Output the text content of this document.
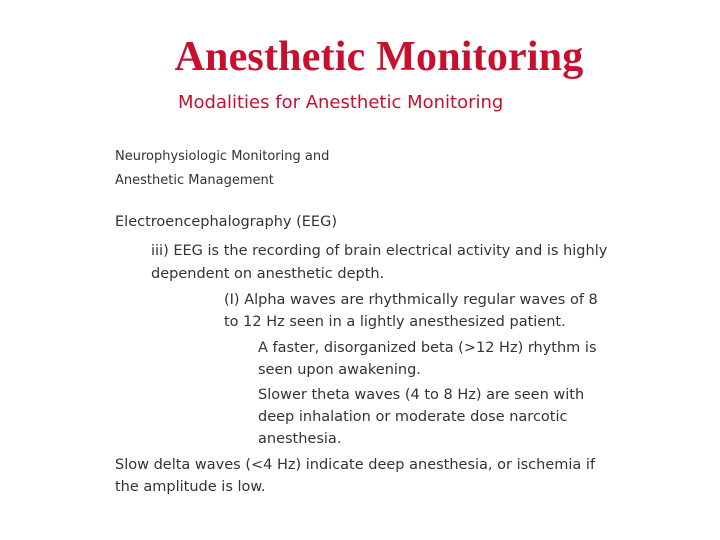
Anesthetic Monitoring
Modalities for Anesthetic Monitoring
Neurophysiologic Monitoring and
Anesthetic Management
Electroencephalography (EEG)
iii) EEG is the recording of brain electrical activity and is highly
dependent on anesthetic depth.
(I) Alpha waves are rhythmically regular waves of 8
to 12 Hz seen in a lightly anesthesized patient.
A faster, disorganized beta (>12 Hz) rhythm is
seen upon awakening.
Slower theta waves (4 to 8 Hz) are seen with
deep inhalation or moderate dose narcotic
anesthesia.
Slow delta waves (<4 Hz) indicate deep anesthesia, or ischemia if
the amplitude is low.
